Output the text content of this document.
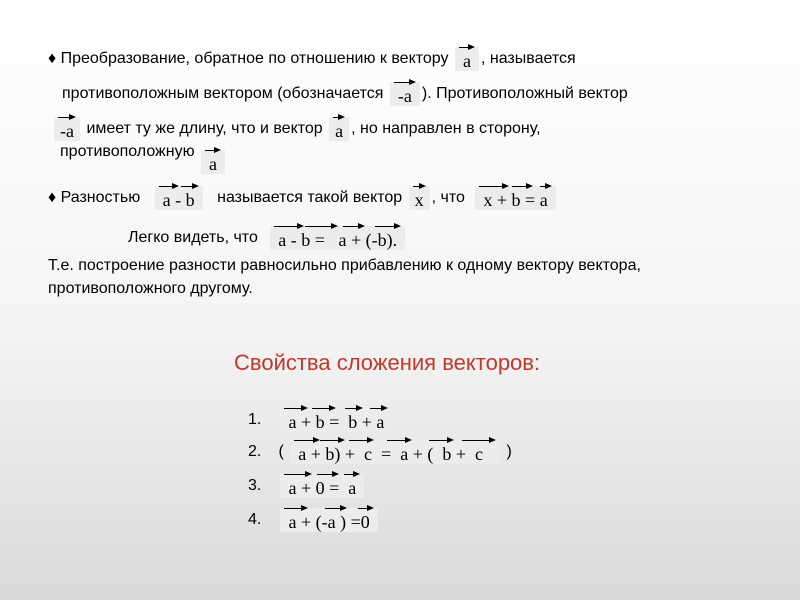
♦ Преобразование, обратное по отношению к вектору a , называется
противоположным вектором (обозначается -a ). Противоположный вектор
-a имеет ту же длину, что и вектор a , но направлен в сторону,
противоположную
a
♦ Разностью a - b называется такой вектор x , что x + b = a
Легко видеть, что a - b = a + (-b).
Т.е. построение разности равносильно прибавлению к одному вектору вектора,
противоположного другому.
Свойства сложения векторов:
1. a + b = b + a
2. ( a + b) + c = a + ( b + c )
3. a + 0 = a
4. a + (-a ) =0
